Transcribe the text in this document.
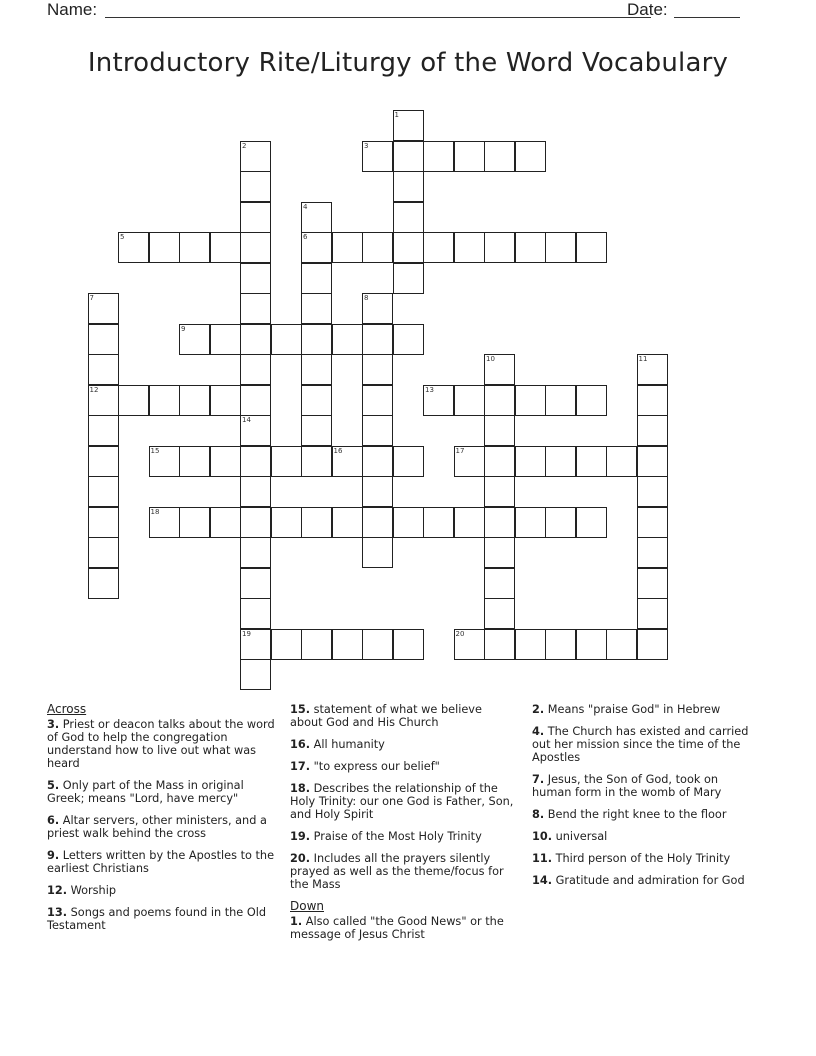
Name:	Date:
Introductory Rite/Liturgy of the Word Vocabulary
1
2
14
19
3
4
6
5
7
12
8
9
10	11
13
15	16	17
18
20
Across
3. Priest or deacon talks about the word of God to help the congregation understand how to live out what was heard
5. Only part of the Mass in original Greek; means "Lord, have mercy"
6. Altar servers, other ministers, and a priest walk behind the cross
9. Letters written by the Apostles to the earliest Christians
12. Worship
13. Songs and poems found in the Old Testament
15. statement of what we believe about God and His Church
16. All humanity
17. "to express our belief"
18. Describes the relationship of the Holy Trinity: our one God is Father, Son, and Holy Spirit
19. Praise of the Most Holy Trinity
20. Includes all the prayers silently prayed as well as the theme/focus for the Mass
Down
1. Also called "the Good News" or the message of Jesus Christ
2. Means "praise God" in Hebrew
4. The Church has existed and carried out her mission since the time of the Apostles
7. Jesus, the Son of God, took on human form in the womb of Mary
8. Bend the right knee to the floor
10. universal
11. Third person of the Holy Trinity
14. Gratitude and admiration for God
